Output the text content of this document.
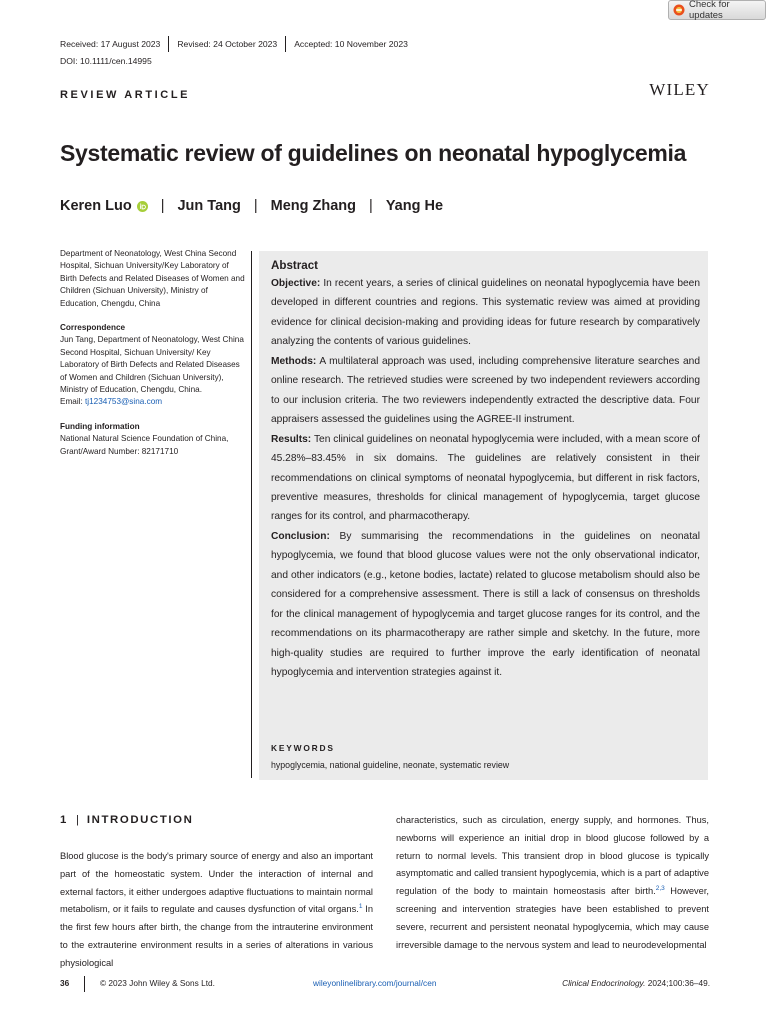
Check for updates
Received: 17 August 2023 Revised: 24 October 2023 Accepted: 10 November 2023
DOI: 10.1111/cen.14995
REVIEW ARTICLE	WILEY
Systematic review of guidelines on neonatal hypoglycemia
Keren Luo | Jun Tang | Meng Zhang | Yang He

Department of Neonatology, West China Second Hospital, Sichuan University/Key Laboratory of Birth Defects and Related Diseases of Women and Children (Sichuan University), Ministry of Education, Chengdu, China

Correspondence

Jun Tang, Department of Neonatology, West China Second Hospital, Sichuan University/ Key Laboratory of Birth Defects and Related Diseases of Women and Children (Sichuan University), Ministry of Education, Chengdu, China.

Email: tj1234753@sina.com

Funding information

National Natural Science Foundation of China, Grant/Award Number: 82171710

Abstract

Objective: In recent years, a series of clinical guidelines on neonatal hypoglycemia have been developed in different countries and regions. This systematic review was aimed at providing evidence for clinical decision-making and providing ideas for future research by comparatively analyzing the contents of various guidelines.

Methods: A multilateral approach was used, including comprehensive literature searches and online research. The retrieved studies were screened by two independent reviewers according to our inclusion criteria. The two reviewers independently extracted the descriptive data. Four appraisers assessed the guidelines using the AGREE-II instrument.

Results: Ten clinical guidelines on neonatal hypoglycemia were included, with a mean score of 45.28%–83.45% in six domains. The guidelines are relatively consistent in their recommendations on clinical symptoms of neonatal hypoglycemia, but different in risk factors, preventive measures, thresholds for clinical management of hypoglycemia, target glucose ranges for its control, and pharmacotherapy.

Conclusion: By summarising the recommendations in the guidelines on neonatal hypoglycemia, we found that blood glucose values were not the only observational indicator, and other indicators (e.g., ketone bodies, lactate) related to glucose metabolism should also be considered for a comprehensive assessment. There is still a lack of consensus on thresholds for the clinical management of hypoglycemia and target glucose ranges for its control, and the recommendations on its pharmacotherapy are rather simple and sketchy. In the future, more high-quality studies are required to further improve the early identification of neonatal hypoglycemia and intervention strategies against it.

KEYWORDS
hypoglycemia, national guideline, neonate, systematic review
1 | INTRODUCTION

Blood glucose is the body's primary source of energy and also an important part of the homeostatic system. Under the interaction of internal and external factors, it either undergoes adaptive fluctuations to maintain normal metabolism, or it fails to regulate and causes dysfunction of vital organs.$^1$ In the first few hours after birth, the change from the intrauterine environment to the extrauterine environment results in a series of alterations in various physiological

characteristics, such as circulation, energy supply, and hormones. Thus, newborns will experience an initial drop in blood glucose followed by a return to normal levels. This transient drop in blood glucose is typically asymptomatic and called transient hypoglycemia, which is a part of adaptive regulation of the body to maintain homeostasis after birth.$^{2,3}$ However, screening and intervention strategies have been established to prevent severe, recurrent and persistent neonatal hypoglycemia, which may cause irreversible damage to the nervous system and lead to neurodevelopmental

36	© 2023 John Wiley & Sons Ltd.	wileyonlinelibrary.com/journal/cen	Clinical Endocrinology. 2024;100:36–49.
